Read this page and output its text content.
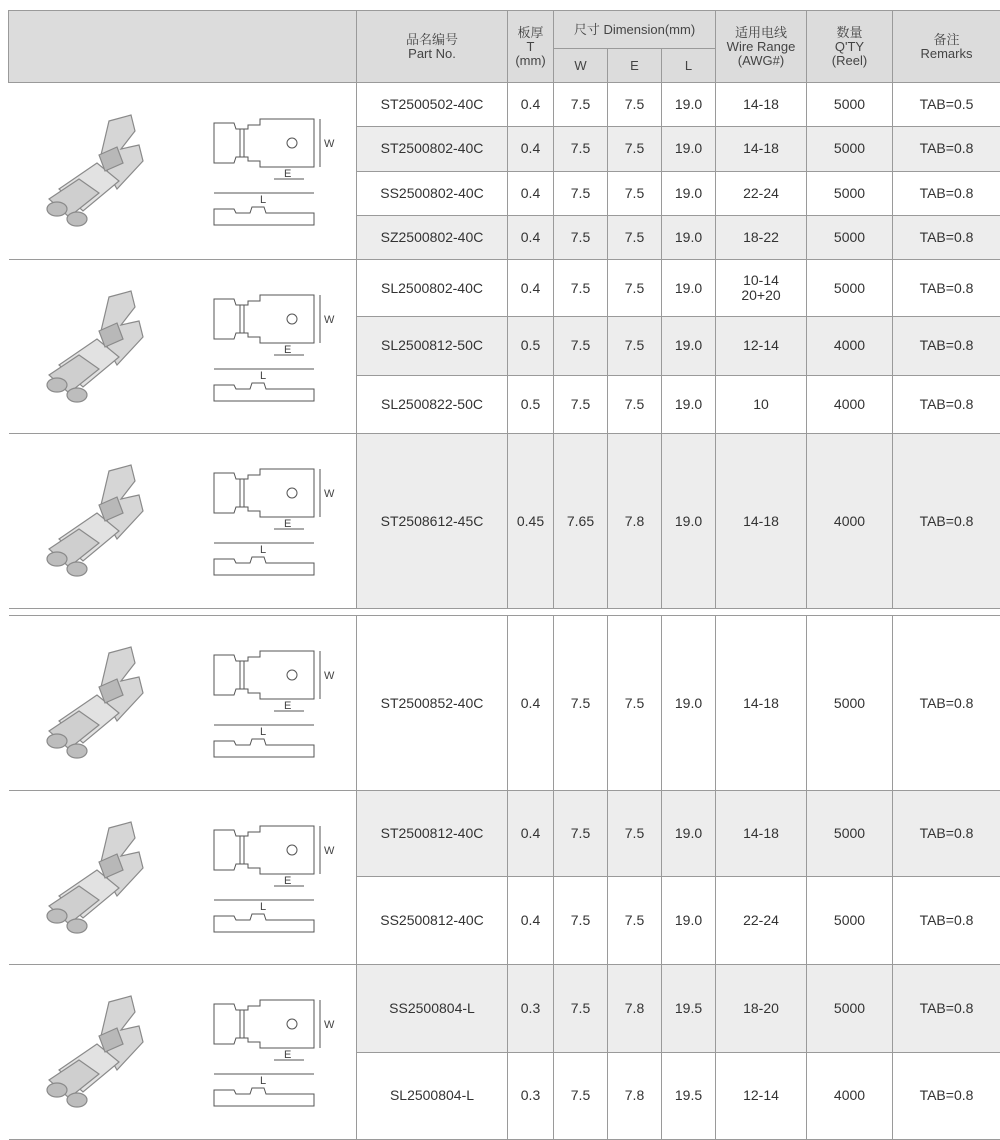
	品名编号
Part No.	板厚
T
(mm)	尺寸 Dimension(mm)			适用电线
Wire Range
(AWG#)	数量
Q'TY
(Reel)	备注
Remarks

			W	E	L			

W
E
L	ST2500502-40C	0.4	7.5	7.5	19.0	14-18	5000	TAB=0.5
	ST2500802-40C	0.4	7.5	7.5	19.0	14-18	5000	TAB=0.8
	SS2500802-40C	0.4	7.5	7.5	19.0	22-24	5000	TAB=0.8
	SZ2500802-40C	0.4	7.5	7.5	19.0	18-22	5000	TAB=0.8

W
E
L	SL2500802-40C	0.4	7.5	7.5	19.0	10-14
20+20	5000	TAB=0.8
	SL2500812-50C	0.5	7.5	7.5	19.0	12-14	4000	TAB=0.8
	SL2500822-50C	0.5	7.5	7.5	19.0	10	4000	TAB=0.8

W
E
L	ST2508612-45C	0.45	7.65	7.8	19.0	14-18	4000	TAB=0.8

W
E
L	ST2500852-40C	0.4	7.5	7.5	19.0	14-18	5000	TAB=0.8

W
E
L	ST2500812-40C	0.4	7.5	7.5	19.0	14-18	5000	TAB=0.8
	SS2500812-40C	0.4	7.5	7.5	19.0	22-24	5000	TAB=0.8

W
E
L	SS2500804-L	0.3	7.5	7.8	19.5	18-20	5000	TAB=0.8
	SL2500804-L	0.3	7.5	7.8	19.5	12-14	4000	TAB=0.8
